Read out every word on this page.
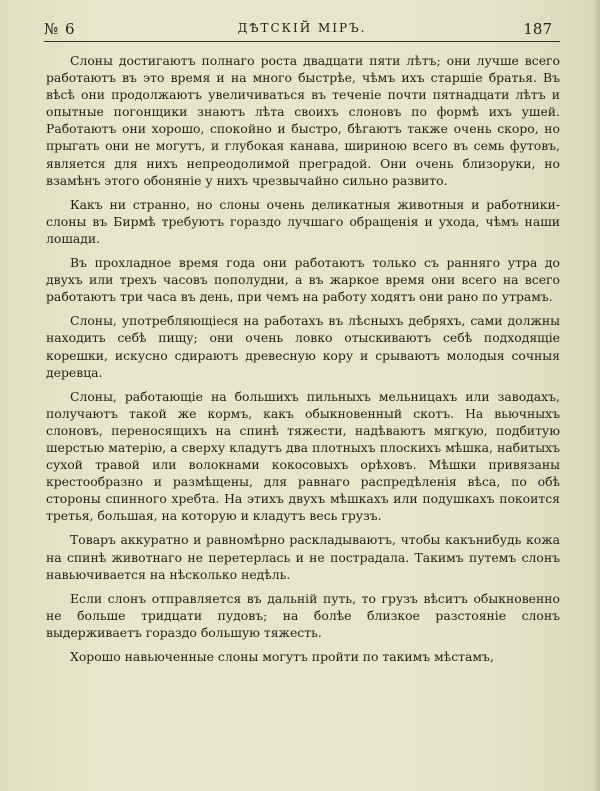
№ 6	ДѢТСКІЙ МІРЪ.	187

Слоны достигаютъ полнаго роста двадцати пяти лѣтъ; они лучше всего работаютъ въ это время и на много быстрѣе, чѣмъ ихъ старшіе братья. Въ вѣсѣ они продолжаютъ увеличиваться въ теченіе почти пятнадцати лѣтъ и опытные погонщики знаютъ лѣта своихъ слоновъ по формѣ ихъ ушей. Работаютъ они хорошо, спокойно и быстро, бѣгаютъ также очень скоро, но прыгать они не могутъ, и глубокая канава, шириною всего въ семь футовъ, является для нихъ непреодолимой преградой. Они очень близоруки, но взамѣнъ этого обоняніе у нихъ чрезвычайно сильно развито.

Какъ ни странно, но слоны очень деликатныя животныя и работники-слоны въ Бирмѣ требуютъ гораздо лучшаго обращенія и ухода, чѣмъ наши лошади.

Въ прохладное время года они работаютъ только съ ранняго утра до двухъ или трехъ часовъ пополудни, а въ жаркое время они всего на всего работаютъ три часа въ день, при чемъ на работу ходятъ они рано по утрамъ.

Слоны, употребляющіеся на работахъ въ лѣсныхъ дебряхъ, сами должны находить себѣ пищу; они очень ловко отыскиваютъ себѣ подходящіе корешки, искусно сдираютъ древесную кору и срываютъ молодыя сочныя деревца.

Слоны, работающіе на большихъ пильныхъ мельницахъ или заводахъ, получаютъ такой же кормъ, какъ обыкновенный скотъ. На вьючныхъ слоновъ, переносящихъ на спинѣ тяжести, надѣваютъ мягкую, подбитую шерстью матерію, а сверху кладутъ два плотныхъ плоскихъ мѣшка, набитыхъ сухой травой или волокнами кокосовыхъ орѣховъ. Мѣшки привязаны крестообразно и размѣщены, для равнаго распредѣленія вѣса, по обѣ стороны спинного хребта. На этихъ двухъ мѣшкахъ или подушкахъ покоится третья, большая, на которую и кладутъ весь грузъ.

Товаръ аккуратно и равномѣрно раскладываютъ, чтобы какънибудь кожа на спинѣ животнаго не перетерлась и не пострадала. Такимъ путемъ слонъ навьючивается на нѣсколько недѣль.

Если слонъ отправляется въ дальній путь, то грузъ вѣситъ обыкновенно не больше тридцати пудовъ; на болѣе близкое разстояніе слонъ выдерживаетъ гораздо большую тяжесть.

Хорошо навьюченные слоны могутъ пройти по такимъ мѣстамъ,
